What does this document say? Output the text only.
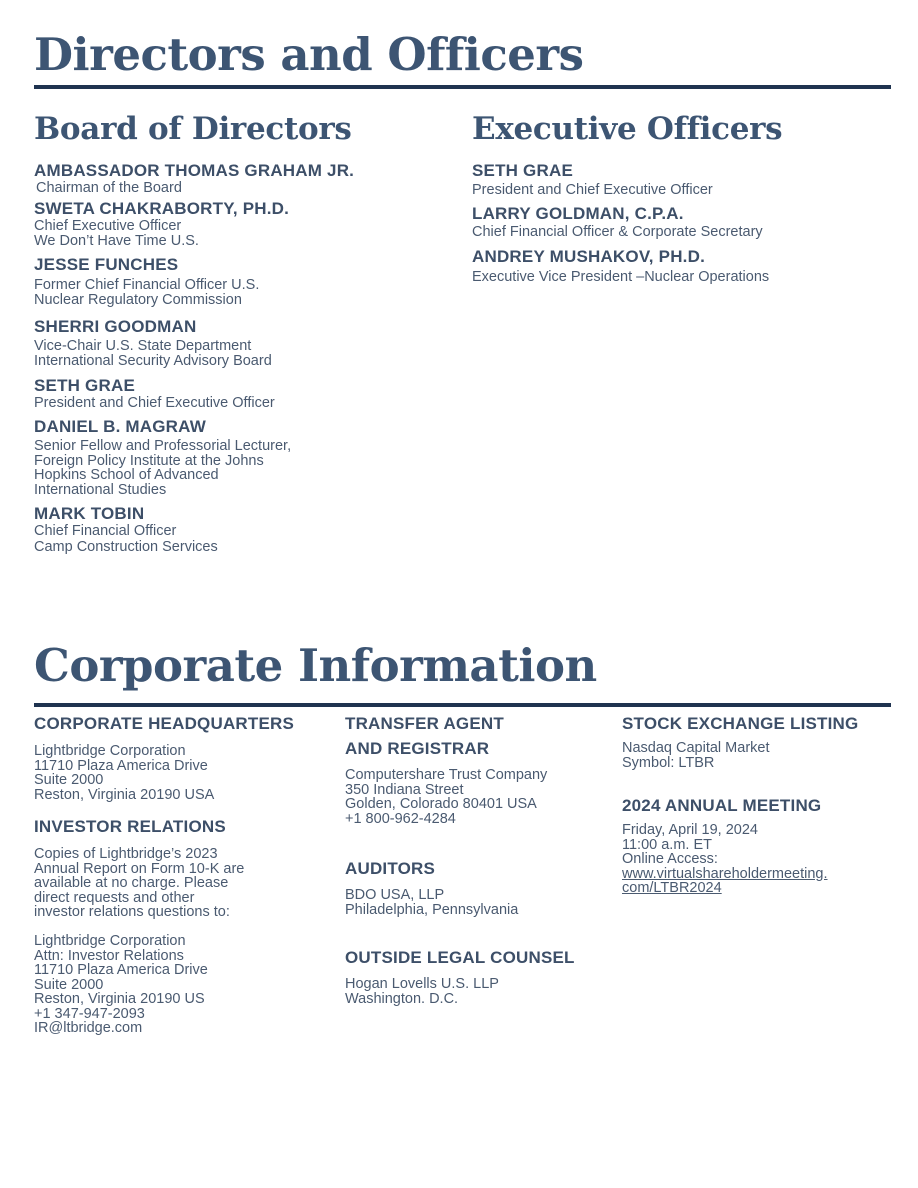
Directors and Officers
Board of Directors	Executive Officers
AMBASSADOR THOMAS GRAHAM JR.
Chairman of the Board
SWETA CHAKRABORTY, PH.D.
Chief Executive Officer
We Don’t Have Time U.S.
JESSE FUNCHES
Former Chief Financial Officer U.S.
Nuclear Regulatory Commission
SHERRI GOODMAN
Vice-Chair U.S. State Department
International Security Advisory Board
SETH GRAE
President and Chief Executive Officer
DANIEL B. MAGRAW
Senior Fellow and Professorial Lecturer,
Foreign Policy Institute at the Johns
Hopkins School of Advanced
International Studies
MARK TOBIN
Chief Financial Officer
Camp Construction Services
SETH GRAE
President and Chief Executive Officer
LARRY GOLDMAN, C.P.A.
Chief Financial Officer & Corporate Secretary
ANDREY MUSHAKOV, PH.D.
Executive Vice President –Nuclear Operations
Corporate Information
CORPORATE HEADQUARTERS
Lightbridge Corporation
11710 Plaza America Drive
Suite 2000
Reston, Virginia 20190 USA
INVESTOR RELATIONS
Copies of Lightbridge’s 2023
Annual Report on Form 10-K are
available at no charge. Please
direct requests and other
investor relations questions to:
Lightbridge Corporation
Attn: Investor Relations
11710 Plaza America Drive
Suite 2000
Reston, Virginia 20190 US
+1 347-947-2093
IR@ltbridge.com
TRANSFER AGENT
AND REGISTRAR
Computershare Trust Company
350 Indiana Street
Golden, Colorado 80401 USA
+1 800-962-4284
AUDITORS
BDO USA, LLP
Philadelphia, Pennsylvania
OUTSIDE LEGAL COUNSEL
Hogan Lovells U.S. LLP
Washington. D.C.
STOCK EXCHANGE LISTING
Nasdaq Capital Market
Symbol: LTBR
2024 ANNUAL MEETING
Friday, April 19, 2024
11:00 a.m. ET
Online Access:
www.virtualshareholdermeeting.
com/LTBR2024
